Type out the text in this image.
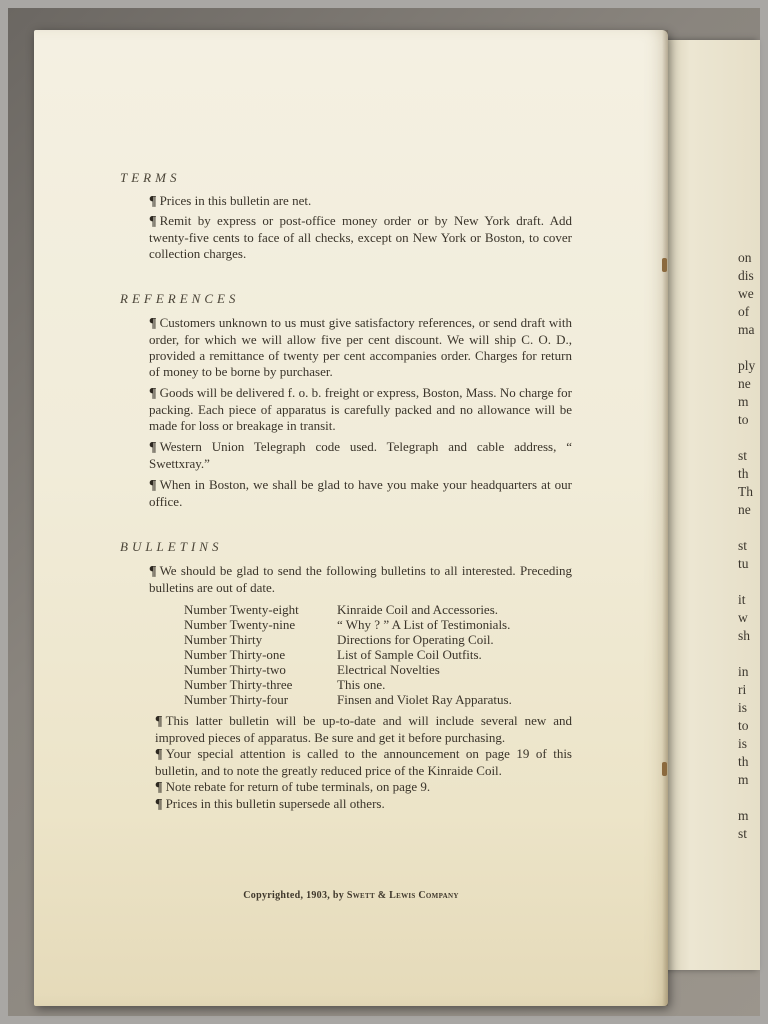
on
dis
we
of
ma
ply
ne
m
to
st
th
Th
ne
st
tu
it
w
sh
in
ri
is
to
is
th
m
m
st
TERMS

¶ Prices in this bulletin are net.

¶ Remit by express or post-office money order or by New York draft. Add twenty-five cents to face of all checks, except on New York or Boston, to cover collection charges.

REFERENCES

¶ Customers unknown to us must give satisfactory references, or send draft with order, for which we will allow five per cent discount. We will ship C. O. D., provided a remittance of twenty per cent accompanies order. Charges for return of money to be borne by purchaser.

¶ Goods will be delivered f. o. b. freight or express, Boston, Mass. No charge for packing. Each piece of apparatus is carefully packed and no allowance will be made for loss or breakage in transit.

¶ Western Union Telegraph code used. Telegraph and cable address, “ Swettxray.”

¶ When in Boston, we shall be glad to have you make your headquarters at our office.

BULLETINS

¶ We should be glad to send the following bulletins to all interested. Preceding bulletins are out of date.

Number Twenty-eight	Kinraide Coil and Accessories.
Number Twenty-nine	“ Why ? ” A List of Testimonials.
Number Thirty	Directions for Operating Coil.
Number Thirty-one	List of Sample Coil Outfits.
Number Thirty-two	Electrical Novelties
Number Thirty-three	This one.
Number Thirty-four	Finsen and Violet Ray Apparatus.

¶ This latter bulletin will be up-to-date and will include several new and improved pieces of apparatus. Be sure and get it before purchasing.

¶ Your special attention is called to the announcement on page 19 of this bulletin, and to note the greatly reduced price of the Kinraide Coil.

¶ Note rebate for return of tube terminals, on page 9.

¶ Prices in this bulletin supersede all others.

Copyrighted, 1903, by Swett & Lewis Company
